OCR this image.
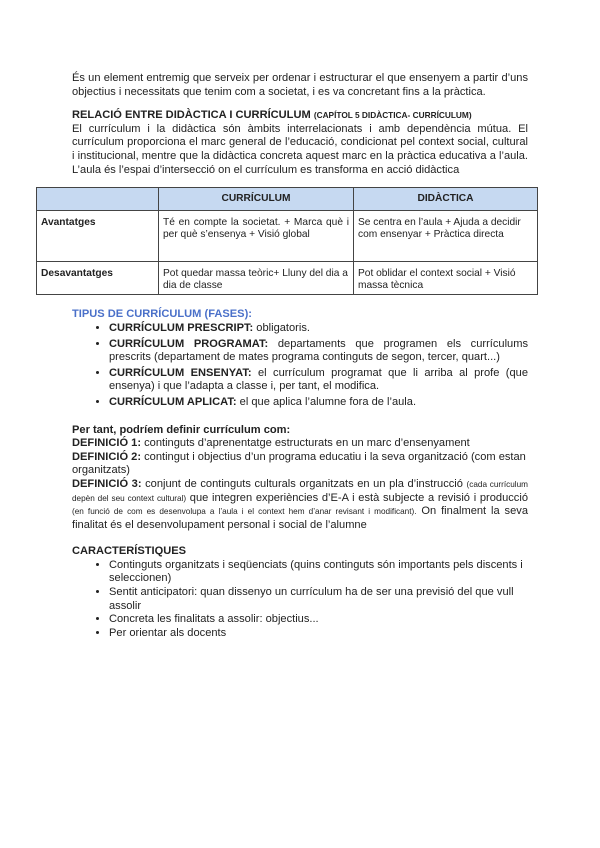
És un element entremig que serveix per ordenar i estructurar el que ensenyem a partir d’uns objectius i necessitats que tenim com a societat, i es va concretant fins a la pràctica.

RELACIÓ ENTRE DIDÀCTICA I CURRÍCULUM (CAPÍTOL 5 DIDÀCTICA- CURRÍCULUM)

El currículum i la didàctica són àmbits interrelacionats i amb dependència mútua. El currículum proporciona el marc general de l’educació, condicionat pel context social, cultural i institucional, mentre que la didàctica concreta aquest marc en la pràctica educativa a l’aula. L’aula és l’espai d’intersecció on el currículum es transforma en acció didàctica

	CURRÍCULUM	DIDÀCTICA
Avantatges	Té en compte la societat. + Marca què i per què s’ensenya + Visió global	Se centra en l’aula + Ajuda a decidir com ensenyar + Pràctica directa
Desavantatges	Pot quedar massa teòric+ Lluny del dia a dia de classe	Pot oblidar el context social + Visió massa tècnica

TIPUS DE CURRÍCULUM (FASES):

• CURRÍCULUM PRESCRIPT: obligatoris.
• CURRÍCULUM PROGRAMAT: departaments que programen els currículums prescrits (departament de mates programa continguts de segon, tercer, quart...)
• CURRÍCULUM ENSENYAT: el currículum programat que li arriba al profe (que ensenya) i que l’adapta a classe i, per tant, el modifica.
• CURRÍCULUM APLICAT: el que aplica l’alumne fora de l’aula.

Per tant, podríem definir currículum com:

DEFINICIÓ 1: continguts d’aprenentatge estructurats en un marc d’ensenyament

DEFINICIÓ 2: contingut i objectius d’un programa educatiu i la seva organització (com estan organitzats)

DEFINICIÓ 3: conjunt de continguts culturals organitzats en un pla d’instrucció (cada currículum depèn del seu context cultural) que integren experiències d’E-A i està subjecte a revisió i producció (en funció de com es desenvolupa a l’aula i el context hem d’anar revisant i modificant). On finalment la seva finalitat és el desenvolupament personal i social de l’alumne

CARACTERÍSTIQUES

• Continguts organitzats i seqüenciats (quins continguts són importants pels discents i seleccionen)
• Sentit anticipatori: quan dissenyo un currículum ha de ser una previsió del que vull assolir
• Concreta les finalitats a assolir: objectius...
• Per orientar als docents
